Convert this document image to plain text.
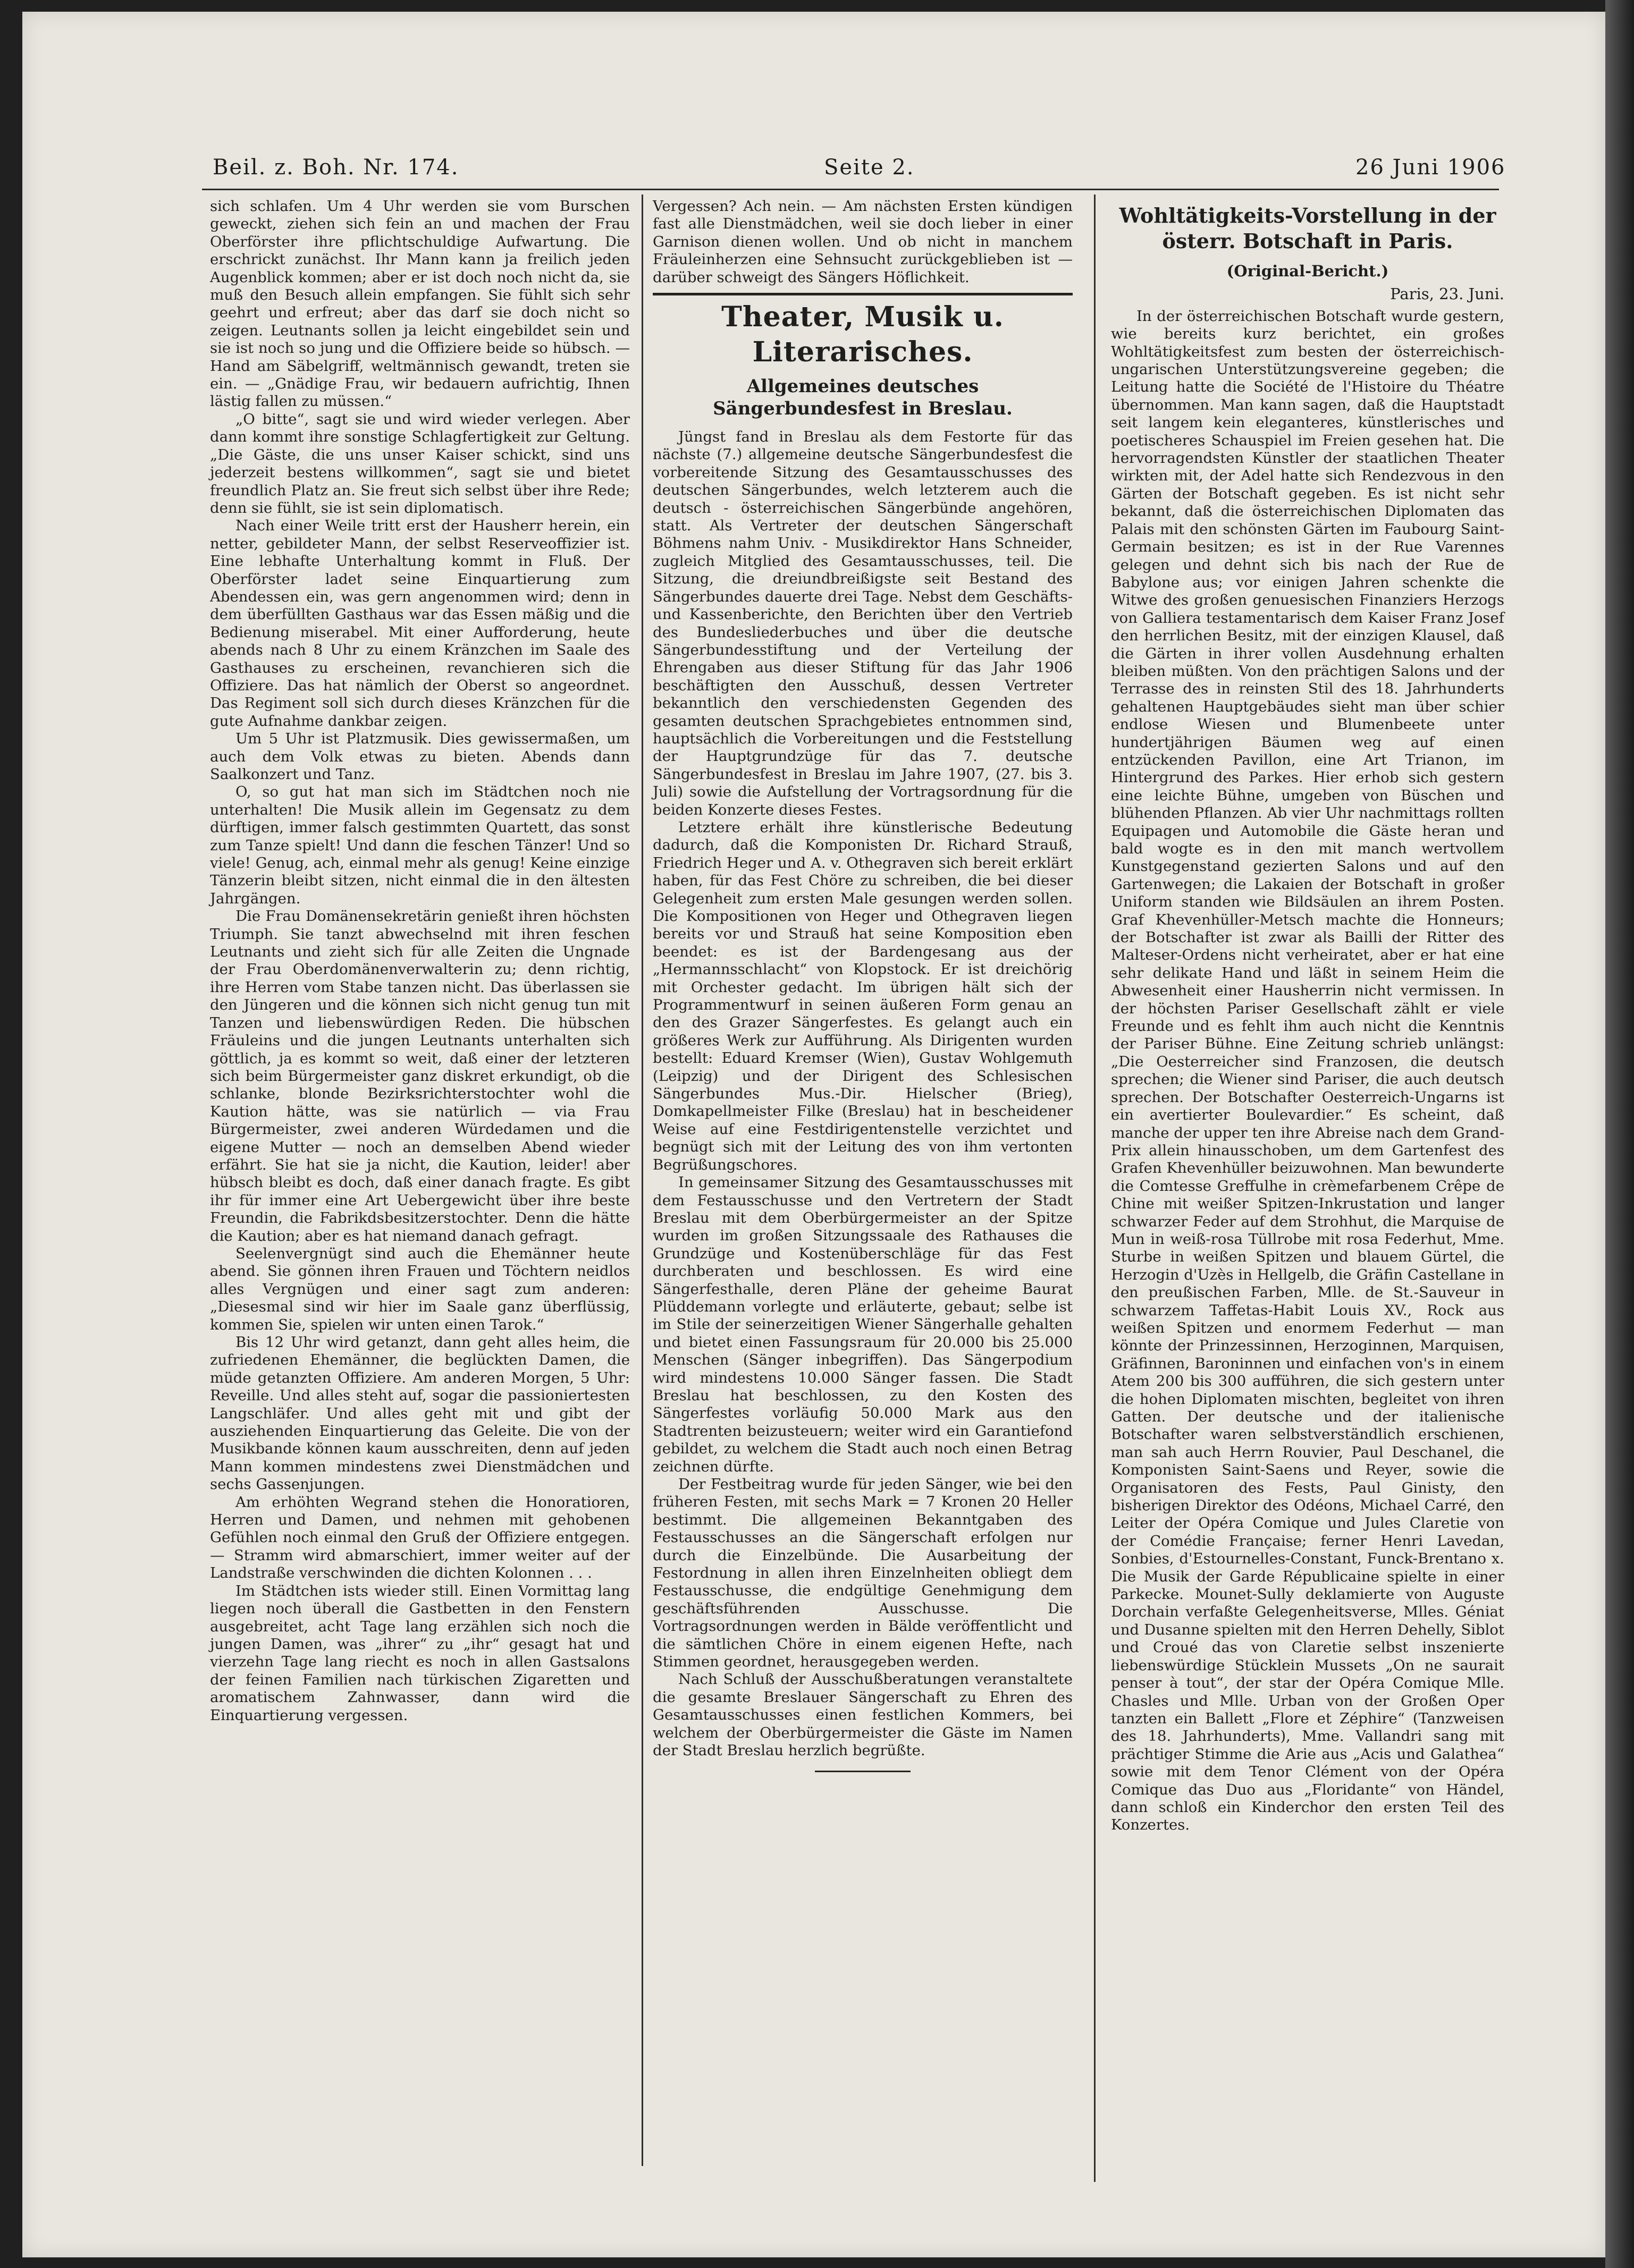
Beil. z. Boh. Nr. 174.	Seite 2.	26 Juni 1906

sich schlafen. Um 4 Uhr werden sie vom Burschen geweckt, ziehen sich fein an und machen der Frau Oberförster ihre pflichtschuldige Aufwartung. Die erschrickt zunächst. Ihr Mann kann ja freilich jeden Augenblick kommen; aber er ist doch noch nicht da, sie muß den Besuch allein empfangen. Sie fühlt sich sehr geehrt und erfreut; aber das darf sie doch nicht so zeigen. Leutnants sollen ja leicht eingebildet sein und sie ist noch so jung und die Offiziere beide so hübsch. — Hand am Säbelgriff, weltmännisch gewandt, treten sie ein. — „Gnädige Frau, wir bedauern aufrichtig, Ihnen lästig fallen zu müssen.“

„O bitte“, sagt sie und wird wieder verlegen. Aber dann kommt ihre sonstige Schlagfertigkeit zur Geltung. „Die Gäste, die uns unser Kaiser schickt, sind uns jederzeit bestens willkommen“, sagt sie und bietet freundlich Platz an. Sie freut sich selbst über ihre Rede; denn sie fühlt, sie ist sein diplomatisch.

Nach einer Weile tritt erst der Hausherr herein, ein netter, gebildeter Mann, der selbst Reserveoffizier ist. Eine lebhafte Unterhaltung kommt in Fluß. Der Oberförster ladet seine Einquartierung zum Abendessen ein, was gern angenommen wird; denn in dem überfüllten Gasthaus war das Essen mäßig und die Bedienung miserabel. Mit einer Aufforderung, heute abends nach 8 Uhr zu einem Kränzchen im Saale des Gasthauses zu erscheinen, revanchieren sich die Offiziere. Das hat nämlich der Oberst so angeordnet. Das Regiment soll sich durch dieses Kränzchen für die gute Aufnahme dankbar zeigen.

Um 5 Uhr ist Platzmusik. Dies gewissermaßen, um auch dem Volk etwas zu bieten. Abends dann Saalkonzert und Tanz.

O, so gut hat man sich im Städtchen noch nie unterhalten! Die Musik allein im Gegensatz zu dem dürftigen, immer falsch gestimmten Quartett, das sonst zum Tanze spielt! Und dann die feschen Tänzer! Und so viele! Genug, ach, einmal mehr als genug! Keine einzige Tänzerin bleibt sitzen, nicht einmal die in den ältesten Jahrgängen.

Die Frau Domänensekretärin genießt ihren höchsten Triumph. Sie tanzt abwechselnd mit ihren feschen Leutnants und zieht sich für alle Zeiten die Ungnade der Frau Oberdomänenverwalterin zu; denn richtig, ihre Herren vom Stabe tanzen nicht. Das überlassen sie den Jüngeren und die können sich nicht genug tun mit Tanzen und liebenswürdigen Reden. Die hübschen Fräuleins und die jungen Leutnants unterhalten sich göttlich, ja es kommt so weit, daß einer der letzteren sich beim Bürgermeister ganz diskret erkundigt, ob die schlanke, blonde Bezirksrichterstochter wohl die Kaution hätte, was sie natürlich — via Frau Bürgermeister, zwei anderen Würdedamen und die eigene Mutter — noch an demselben Abend wieder erfährt. Sie hat sie ja nicht, die Kaution, leider! aber hübsch bleibt es doch, daß einer danach fragte. Es gibt ihr für immer eine Art Uebergewicht über ihre beste Freundin, die Fabrikdsbesitzerstochter. Denn die hätte die Kaution; aber es hat niemand danach gefragt.

Seelenvergnügt sind auch die Ehemänner heute abend. Sie gönnen ihren Frauen und Töchtern neidlos alles Vergnügen und einer sagt zum anderen: „Diesesmal sind wir hier im Saale ganz überflüssig, kommen Sie, spielen wir unten einen Tarok.“

Bis 12 Uhr wird getanzt, dann geht alles heim, die zufriedenen Ehemänner, die beglückten Damen, die müde getanzten Offiziere. Am anderen Morgen, 5 Uhr: Reveille. Und alles steht auf, sogar die passioniertesten Langschläfer. Und alles geht mit und gibt der ausziehenden Einquartierung das Geleite. Die von der Musikbande können kaum ausschreiten, denn auf jeden Mann kommen mindestens zwei Dienstmädchen und sechs Gassenjungen.

Am erhöhten Wegrand stehen die Honoratioren, Herren und Damen, und nehmen mit gehobenen Gefühlen noch einmal den Gruß der Offiziere entgegen. — Stramm wird abmarschiert, immer weiter auf der Landstraße verschwinden die dichten Kolonnen . . .

Im Städtchen ists wieder still. Einen Vormittag lang liegen noch überall die Gastbetten in den Fenstern ausgebreitet, acht Tage lang erzählen sich noch die jungen Damen, was „ihrer“ zu „ihr“ gesagt hat und vierzehn Tage lang riecht es noch in allen Gastsalons der feinen Familien nach türkischen Zigaretten und aromatischem Zahnwasser, dann wird die Einquartierung vergessen.

Vergessen? Ach nein. — Am nächsten Ersten kündigen fast alle Dienstmädchen, weil sie doch lieber in einer Garnison dienen wollen. Und ob nicht in manchem Fräuleinherzen eine Sehnsucht zurückgeblieben ist — darüber schweigt des Sängers Höflichkeit.

Theater, Musik u. Literarisches.
Allgemeines deutsches Sängerbundesfest in Breslau.

Jüngst fand in Breslau als dem Festorte für das nächste (7.) allgemeine deutsche Sängerbundesfest die vorbereitende Sitzung des Gesamtausschusses des deutschen Sängerbundes, welch letzterem auch die deutsch - österreichischen Sängerbünde angehören, statt. Als Vertreter der deutschen Sängerschaft Böhmens nahm Univ. - Musikdirektor Hans Schneider, zugleich Mitglied des Gesamtausschusses, teil. Die Sitzung, die dreiundbreißigste seit Bestand des Sängerbundes dauerte drei Tage. Nebst dem Geschäfts- und Kassenberichte, den Berichten über den Vertrieb des Bundesliederbuches und über die deutsche Sängerbundesstiftung und der Verteilung der Ehrengaben aus dieser Stiftung für das Jahr 1906 beschäftigten den Ausschuß, dessen Vertreter bekanntlich den verschiedensten Gegenden des gesamten deutschen Sprachgebietes entnommen sind, hauptsächlich die Vorbereitungen und die Feststellung der Hauptgrundzüge für das 7. deutsche Sängerbundesfest in Breslau im Jahre 1907, (27. bis 3. Juli) sowie die Aufstellung der Vortragsordnung für die beiden Konzerte dieses Festes.

Letztere erhält ihre künstlerische Bedeutung dadurch, daß die Komponisten Dr. Richard Strauß, Friedrich Heger und A. v. Othegraven sich bereit erklärt haben, für das Fest Chöre zu schreiben, die bei dieser Gelegenheit zum ersten Male gesungen werden sollen. Die Kompositionen von Heger und Othegraven liegen bereits vor und Strauß hat seine Komposition eben beendet: es ist der Bardengesang aus der „Hermannsschlacht“ von Klopstock. Er ist dreichörig mit Orchester gedacht. Im übrigen hält sich der Programmentwurf in seinen äußeren Form genau an den des Grazer Sängerfestes. Es gelangt auch ein größeres Werk zur Aufführung. Als Dirigenten wurden bestellt: Eduard Kremser (Wien), Gustav Wohlgemuth (Leipzig) und der Dirigent des Schlesischen Sängerbundes Mus.-Dir. Hielscher (Brieg), Domkapellmeister Filke (Breslau) hat in bescheidener Weise auf eine Festdirigentenstelle verzichtet und begnügt sich mit der Leitung des von ihm vertonten Begrüßungschores.

In gemeinsamer Sitzung des Gesamtausschusses mit dem Festausschusse und den Vertretern der Stadt Breslau mit dem Oberbürgermeister an der Spitze wurden im großen Sitzungssaale des Rathauses die Grundzüge und Kostenüberschläge für das Fest durchberaten und beschlossen. Es wird eine Sängerfesthalle, deren Pläne der geheime Baurat Plüddemann vorlegte und erläuterte, gebaut; selbe ist im Stile der seinerzeitigen Wiener Sängerhalle gehalten und bietet einen Fassungsraum für 20.000 bis 25.000 Menschen (Sänger inbegriffen). Das Sängerpodium wird mindestens 10.000 Sänger fassen. Die Stadt Breslau hat beschlossen, zu den Kosten des Sängerfestes vorläufig 50.000 Mark aus den Stadtrenten beizusteuern; weiter wird ein Garantiefond gebildet, zu welchem die Stadt auch noch einen Betrag zeichnen dürfte.

Der Festbeitrag wurde für jeden Sänger, wie bei den früheren Festen, mit sechs Mark = 7 Kronen 20 Heller bestimmt. Die allgemeinen Bekanntgaben des Festausschusses an die Sängerschaft erfolgen nur durch die Einzelbünde. Die Ausarbeitung der Festordnung in allen ihren Einzelnheiten obliegt dem Festausschusse, die endgültige Genehmigung dem geschäftsführenden Ausschusse. Die Vortragsordnungen werden in Bälde veröffentlicht und die sämtlichen Chöre in einem eigenen Hefte, nach Stimmen geordnet, herausgegeben werden.

Nach Schluß der Ausschußberatungen veranstaltete die gesamte Breslauer Sängerschaft zu Ehren des Gesamtausschusses einen festlichen Kommers, bei welchem der Oberbürgermeister die Gäste im Namen der Stadt Breslau herzlich begrüßte.

Wohltätigkeits-Vorstellung in der österr. Botschaft in Paris.
(Original-Bericht.)
Paris, 23. Juni.

In der österreichischen Botschaft wurde gestern, wie bereits kurz berichtet, ein großes Wohltätigkeitsfest zum besten der österreichisch-ungarischen Unterstützungsvereine gegeben; die Leitung hatte die Société de l'Histoire du Théatre übernommen. Man kann sagen, daß die Hauptstadt seit langem kein eleganteres, künstlerisches und poetischeres Schauspiel im Freien gesehen hat. Die hervorragendsten Künstler der staatlichen Theater wirkten mit, der Adel hatte sich Rendezvous in den Gärten der Botschaft gegeben. Es ist nicht sehr bekannt, daß die österreichischen Diplomaten das Palais mit den schönsten Gärten im Faubourg Saint-Germain besitzen; es ist in der Rue Varennes gelegen und dehnt sich bis nach der Rue de Babylone aus; vor einigen Jahren schenkte die Witwe des großen genuesischen Finanziers Herzogs von Galliera testamentarisch dem Kaiser Franz Josef den herrlichen Besitz, mit der einzigen Klausel, daß die Gärten in ihrer vollen Ausdehnung erhalten bleiben müßten. Von den prächtigen Salons und der Terrasse des in reinsten Stil des 18. Jahrhunderts gehaltenen Hauptgebäudes sieht man über schier endlose Wiesen und Blumenbeete unter hundertjährigen Bäumen weg auf einen entzückenden Pavillon, eine Art Trianon, im Hintergrund des Parkes. Hier erhob sich gestern eine leichte Bühne, umgeben von Büschen und blühenden Pflanzen. Ab vier Uhr nachmittags rollten Equipagen und Automobile die Gäste heran und bald wogte es in den mit manch wertvollem Kunstgegenstand gezierten Salons und auf den Gartenwegen; die Lakaien der Botschaft in großer Uniform standen wie Bildsäulen an ihrem Posten. Graf Khevenhüller-Metsch machte die Honneurs; der Botschafter ist zwar als Bailli der Ritter des Malteser-Ordens nicht verheiratet, aber er hat eine sehr delikate Hand und läßt in seinem Heim die Abwesenheit einer Hausherrin nicht vermissen. In der höchsten Pariser Gesellschaft zählt er viele Freunde und es fehlt ihm auch nicht die Kenntnis der Pariser Bühne. Eine Zeitung schrieb unlängst: „Die Oesterreicher sind Franzosen, die deutsch sprechen; die Wiener sind Pariser, die auch deutsch sprechen. Der Botschafter Oesterreich-Ungarns ist ein avertierter Boulevardier.“ Es scheint, daß manche der upper ten ihre Abreise nach dem Grand-Prix allein hinausschoben, um dem Gartenfest des Grafen Khevenhüller beizuwohnen. Man bewunderte die Comtesse Greffulhe in crèmefarbenem Crêpe de Chine mit weißer Spitzen-Inkrustation und langer schwarzer Feder auf dem Strohhut, die Marquise de Mun in weiß-rosa Tüllrobe mit rosa Federhut, Mme. Sturbe in weißen Spitzen und blauem Gürtel, die Herzogin d'Uzès in Hellgelb, die Gräfin Castellane in den preußischen Farben, Mlle. de St.-Sauveur in schwarzem Taffetas-Habit Louis XV., Rock aus weißen Spitzen und enormem Federhut — man könnte der Prinzessinnen, Herzoginnen, Marquisen, Gräfinnen, Baroninnen und einfachen von's in einem Atem 200 bis 300 aufführen, die sich gestern unter die hohen Diplomaten mischten, begleitet von ihren Gatten. Der deutsche und der italienische Botschafter waren selbstverständlich erschienen, man sah auch Herrn Rouvier, Paul Deschanel, die Komponisten Saint-Saens und Reyer, sowie die Organisatoren des Fests, Paul Ginisty, den bisherigen Direktor des Odéons, Michael Carré, den Leiter der Opéra Comique und Jules Claretie von der Comédie Française; ferner Henri Lavedan, Sonbies, d'Estournelles-Constant, Funck-Brentano x. Die Musik der Garde Républicaine spielte in einer Parkecke. Mounet-Sully deklamierte von Auguste Dorchain verfaßte Gelegenheitsverse, Mlles. Géniat und Dusanne spielten mit den Herren Dehelly, Siblot und Croué das von Claretie selbst inszenierte liebenswürdige Stücklein Mussets „On ne saurait penser à tout“, der star der Opéra Comique Mlle. Chasles und Mlle. Urban von der Großen Oper tanzten ein Ballett „Flore et Zéphire“ (Tanzweisen des 18. Jahrhunderts), Mme. Vallandri sang mit prächtiger Stimme die Arie aus „Acis und Galathea“ sowie mit dem Tenor Clément von der Opéra Comique das Duo aus „Floridante“ von Händel, dann schloß ein Kinderchor den ersten Teil des Konzertes.
